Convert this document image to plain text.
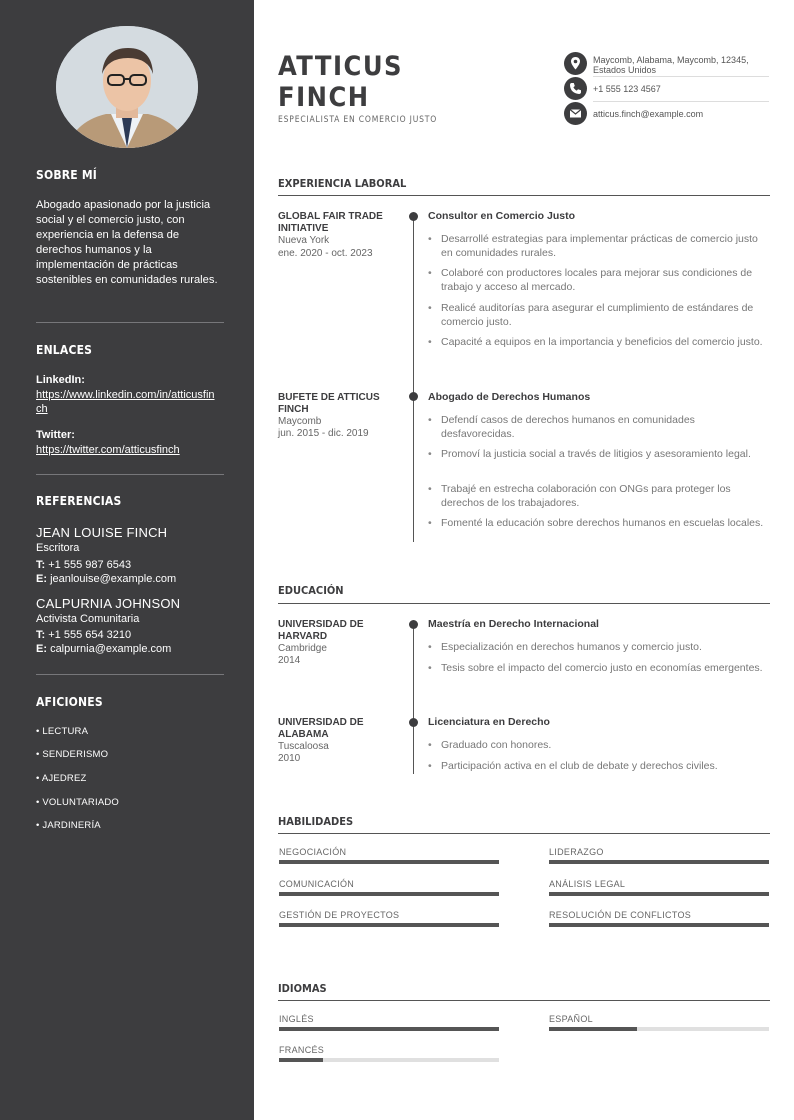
SOBRE MÍ
Abogado apasionado por la justicia social y el comercio justo, con experiencia en la defensa de derechos humanos y la implementación de prácticas sostenibles en comunidades rurales.
ENLACES
LinkedIn:
https://www.linkedin.com/in/atticusfinch
Twitter:
https://twitter.com/atticusfinch
REFERENCIAS
JEAN LOUISE FINCH
Escritora
T: +1 555 987 6543
E: jeanlouise@example.com
CALPURNIA JOHNSON
Activista Comunitaria
T: +1 555 654 3210
E: calpurnia@example.com
AFICIONES
• LECTURA
• SENDERISMO
• AJEDREZ
• VOLUNTARIADO
• JARDINERÍA
ATTICUS
FINCH
ESPECIALISTA EN COMERCIO JUSTO
Maycomb, Alabama, Maycomb, 12345,
Estados Unidos
+1 555 123 4567
atticus.finch@example.com
EXPERIENCIA LABORAL
GLOBAL FAIR TRADE INITIATIVE
Nueva York
ene. 2020 - oct. 2023
Consultor en Comercio Justo
• Desarrollé estrategias para implementar prácticas de comercio justo en comunidades rurales.
• Colaboré con productores locales para mejorar sus condiciones de trabajo y acceso al mercado.
• Realicé auditorías para asegurar el cumplimiento de estándares de comercio justo.
• Capacité a equipos en la importancia y beneficios del comercio justo.
BUFETE DE ATTICUS FINCH
Maycomb
jun. 2015 - dic. 2019
Abogado de Derechos Humanos
• Defendí casos de derechos humanos en comunidades desfavorecidas.
• Promoví la justicia social a través de litigios y asesoramiento legal.
• Trabajé en estrecha colaboración con ONGs para proteger los derechos de los trabajadores.
• Fomenté la educación sobre derechos humanos en escuelas locales.
EDUCACIÓN
UNIVERSIDAD DE HARVARD
Cambridge
2014
Maestría en Derecho Internacional
• Especialización en derechos humanos y comercio justo.
• Tesis sobre el impacto del comercio justo en economías emergentes.
UNIVERSIDAD DE ALABAMA
Tuscaloosa
2010
Licenciatura en Derecho
• Graduado con honores.
• Participación activa en el club de debate y derechos civiles.
HABILIDADES
NEGOCIACIÓN	LIDERAZGO
COMUNICACIÓN	ANÁLISIS LEGAL
GESTIÓN DE PROYECTOS	RESOLUCIÓN DE CONFLICTOS
IDIOMAS
INGLÉS	ESPAÑOL
FRANCÉS
